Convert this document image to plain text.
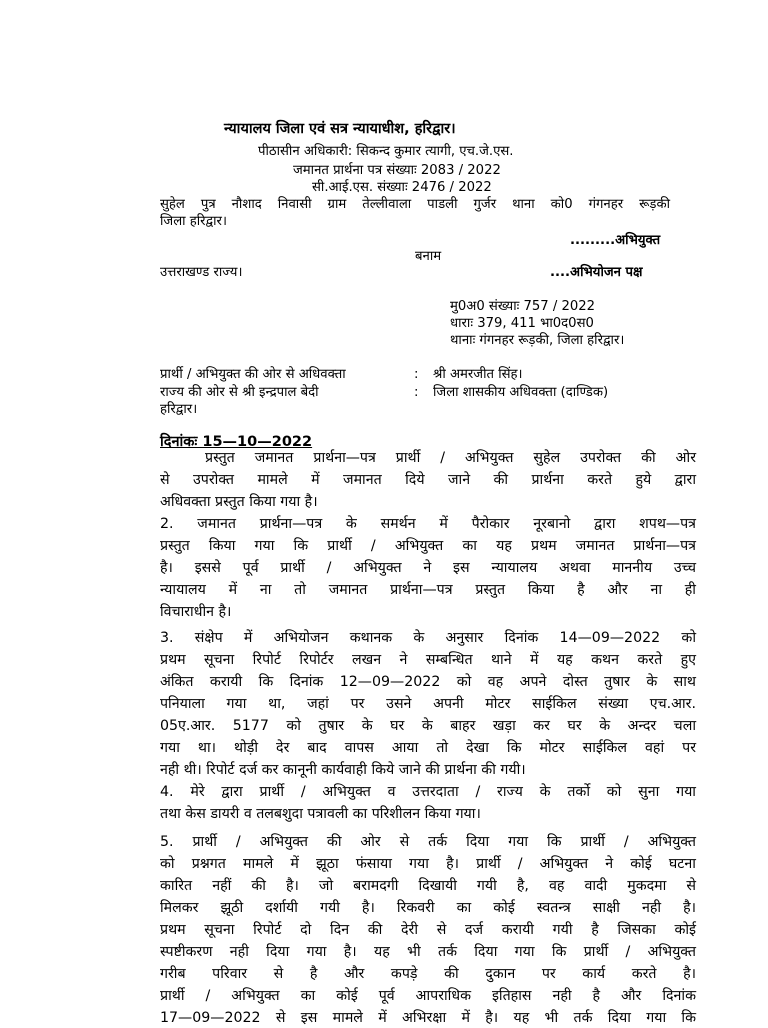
न्यायालय जिला एवं सत्र न्यायाधीश, हरिद्वार।
पीठासीन अधिकारी: सिकन्द कुमार त्यागी, एच.जे.एस.
जमानत प्रार्थना पत्र संख्याः 2083 / 2022
सी.आई.एस. संख्याः 2476 / 2022
सुहेल पुत्र नौशाद निवासी ग्राम तेल्लीवाला पाडली गुर्जर थाना को0 गंगनहर रूड़की
जिला हरिद्वार।
.........अभियुक्त
बनाम
उत्तराखण्ड राज्य।	....अभियोजन पक्ष
मु0अ0 संख्याः 757 / 2022
धाराः 379, 411 भा0द0स0
थानाः गंगनहर रूड़की, जिला हरिद्वार।
प्रार्थी / अभियुक्त की ओर से अधिवक्ता	: श्री अमरजीत सिंह।
राज्य की ओर से श्री इन्द्रपाल बेदी	: जिला शासकीय अधिवक्ता (दाण्डिक)
हरिद्वार।
दिनांकः 15—10—2022
प्रस्तुत जमानत प्रार्थना—पत्र प्रार्थी / अभियुक्त सुहेल उपरोक्त की ओर
से उपरोक्त मामले में जमानत दिये जाने की प्रार्थना करते हुये द्वारा
अधिवक्ता प्रस्तुत किया गया है।
2. जमानत प्रार्थना—पत्र के समर्थन में पैरोकार नूरबानो द्वारा शपथ—पत्र
प्रस्तुत किया गया कि प्रार्थी / अभियुक्त का यह प्रथम जमानत प्रार्थना—पत्र
है। इससे पूर्व प्रार्थी / अभियुक्त ने इस न्यायालय अथवा माननीय उच्च
न्यायालय में ना तो जमानत प्रार्थना—पत्र प्रस्तुत किया है और ना ही
विचाराधीन है।
3. संक्षेप में अभियोजन कथानक के अनुसार दिनांक 14—09—2022 को
प्रथम सूचना रिपोर्ट रिपोर्टर लखन ने सम्बन्धित थाने में यह कथन करते हुए
अंकित करायी कि दिनांक 12—09—2022 को वह अपने दोस्त तुषार के साथ
पनियाला गया था, जहां पर उसने अपनी मोटर साईकिल संख्या एच.आर.
05ए.आर. 5177 को तुषार के घर के बाहर खड़ा कर घर के अन्दर चला
गया था। थोड़ी देर बाद वापस आया तो देखा कि मोटर साईकिल वहां पर
नही थी। रिपोर्ट दर्ज कर कानूनी कार्यवाही किये जाने की प्रार्थना की गयी।
4. मेरे द्वारा प्रार्थी / अभियुक्त व उत्तरदाता / राज्य के तर्को को सुना गया
तथा केस डायरी व तलबशुदा पत्रावली का परिशीलन किया गया।
5. प्रार्थी / अभियुक्त की ओर से तर्क दिया गया कि प्रार्थी / अभियुक्त
को प्रश्नगत मामले में झूठा फंसाया गया है। प्रार्थी / अभियुक्त ने कोई घटना
कारित नहीं की है। जो बरामदगी दिखायी गयी है, वह वादी मुकदमा से
मिलकर झूठी दर्शायी गयी है। रिकवरी का कोई स्वतन्त्र साक्षी नही है।
प्रथम सूचना रिपोर्ट दो दिन की देरी से दर्ज करायी गयी है जिसका कोई
स्पष्टीकरण नही दिया गया है। यह भी तर्क दिया गया कि प्रार्थी / अभियुक्त
गरीब परिवार से है और कपड़े की दुकान पर कार्य करते है।
प्रार्थी / अभियुक्त का कोई पूर्व आपराधिक इतिहास नही है और दिनांक
17—09—2022 से इस मामले में अभिरक्षा में है। यह भी तर्क दिया गया कि
